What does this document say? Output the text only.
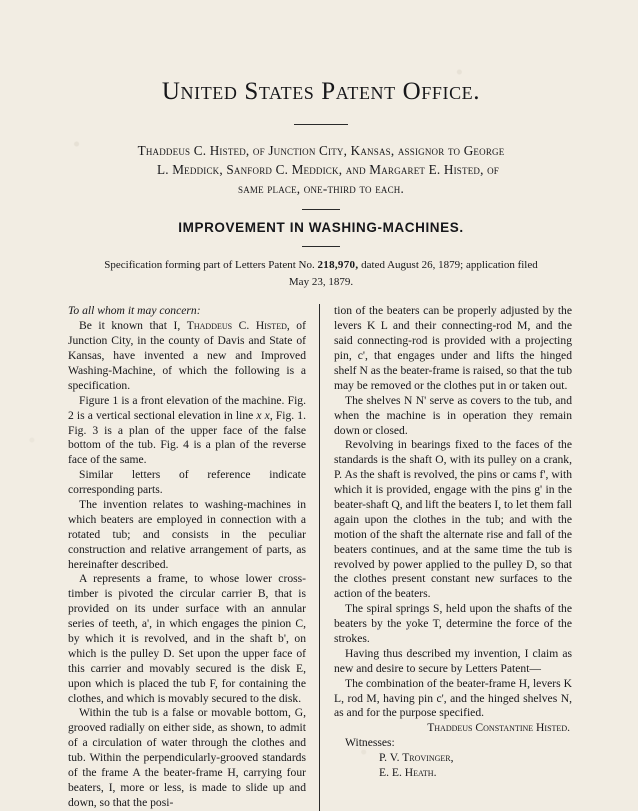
United States Patent Office.
Thaddeus C. Histed, of Junction City, Kansas, assignor to George
L. Meddick, Sanford C. Meddick, and Margaret E. Histed, of
same place, one-third to each.
IMPROVEMENT IN WASHING-MACHINES.
Specification forming part of Letters Patent No. 218,970, dated August 26, 1879; application filed
May 23, 1879.

To all whom it may concern:

Be it known that I, Thaddeus C. Histed, of Junction City, in the county of Davis and State of Kansas, have invented a new and Improved Washing-Machine, of which the following is a specification.

Figure 1 is a front elevation of the machine. Fig. 2 is a vertical sectional elevation in line x x, Fig. 1. Fig. 3 is a plan of the upper face of the false bottom of the tub. Fig. 4 is a plan of the reverse face of the same.

Similar letters of reference indicate corresponding parts.

The invention relates to washing-machines in which beaters are employed in connection with a rotated tub; and consists in the peculiar construction and relative arrangement of parts, as hereinafter described.

A represents a frame, to whose lower cross-timber is pivoted the circular carrier B, that is provided on its under surface with an annular series of teeth, a', in which engages the pinion C, by which it is revolved, and in the shaft b', on which is the pulley D. Set upon the upper face of this carrier and movably secured is the disk E, upon which is placed the tub F, for containing the clothes, and which is movably secured to the disk.

Within the tub is a false or movable bottom, G, grooved radially on either side, as shown, to admit of a circulation of water through the clothes and tub. Within the perpendicularly-grooved standards of the frame A the beater-frame H, carrying four beaters, I, more or less, is made to slide up and down, so that the posi-

tion of the beaters can be properly adjusted by the levers K L and their connecting-rod M, and the said connecting-rod is provided with a projecting pin, c', that engages under and lifts the hinged shelf N as the beater-frame is raised, so that the tub may be removed or the clothes put in or taken out.

The shelves N N' serve as covers to the tub, and when the machine is in operation they remain down or closed.

Revolving in bearings fixed to the faces of the standards is the shaft O, with its pulley on a crank, P. As the shaft is revolved, the pins or cams f', with which it is provided, engage with the pins g' in the beater-shaft Q, and lift the beaters I, to let them fall again upon the clothes in the tub; and with the motion of the shaft the alternate rise and fall of the beaters continues, and at the same time the tub is revolved by power applied to the pulley D, so that the clothes present constant new surfaces to the action of the beaters.

The spiral springs S, held upon the shafts of the beaters by the yoke T, determine the force of the strokes.

Having thus described my invention, I claim as new and desire to secure by Letters Patent—

The combination of the beater-frame H, levers K L, rod M, having pin c', and the hinged shelves N, as and for the purpose specified.

Thaddeus Constantine Histed.

Witnesses:

P. V. Trovinger,

E. E. Heath.
